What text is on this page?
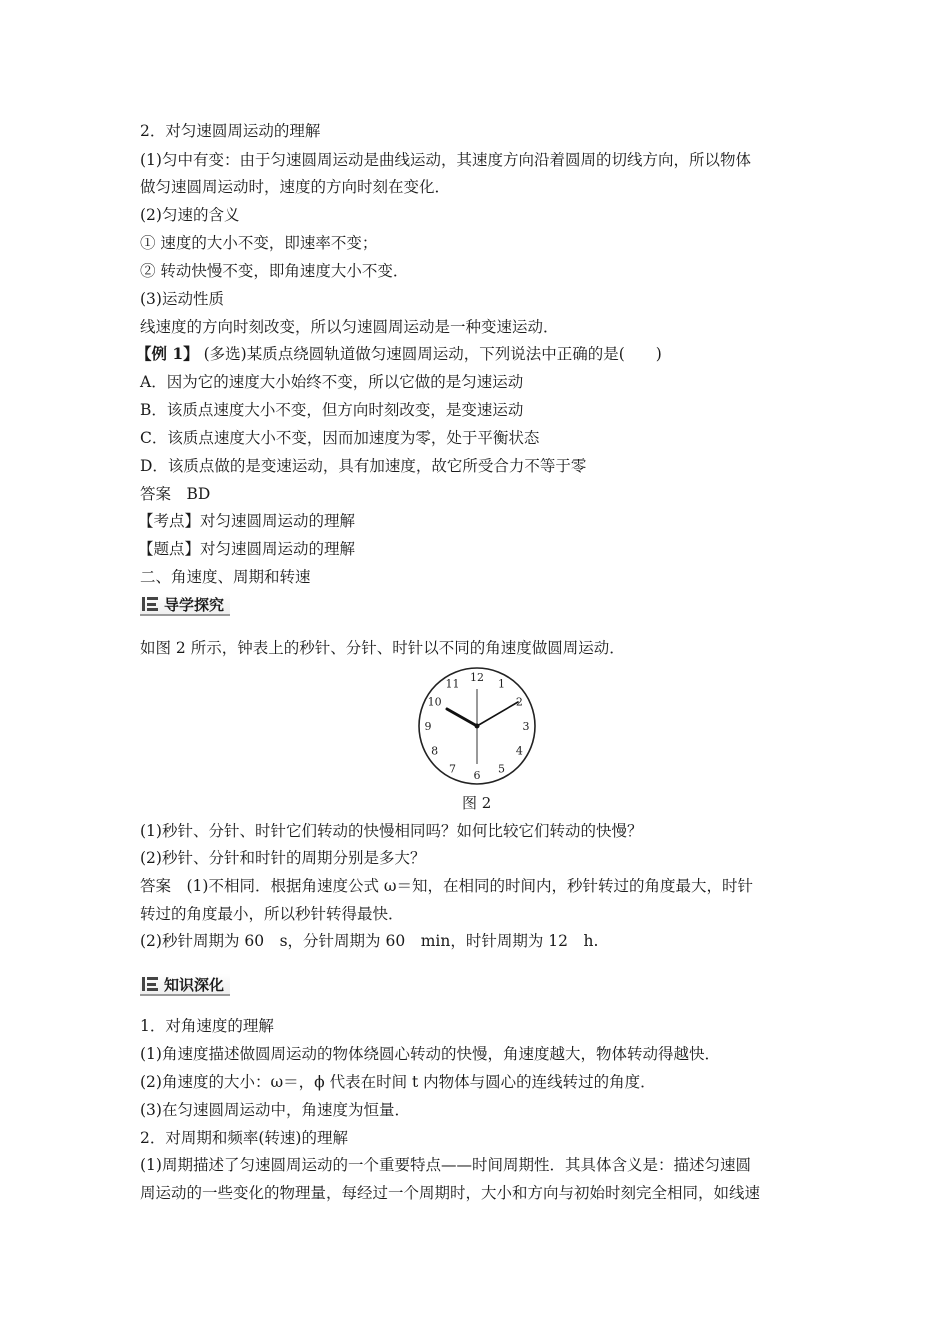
2．对匀速圆周运动的理解
(1)匀中有变：由于匀速圆周运动是曲线运动，其速度方向沿着圆周的切线方向，所以物体
做匀速圆周运动时，速度的方向时刻在变化．
(2)匀速的含义
① 速度的大小不变，即速率不变；
② 转动快慢不变，即角速度大小不变．
(3)运动性质
线速度的方向时刻改变，所以匀速圆周运动是一种变速运动．
【例 1】 (多选)某质点绕圆轨道做匀速圆周运动，下列说法中正确的是(　　)
A．因为它的速度大小始终不变，所以它做的是匀速运动
B．该质点速度大小不变，但方向时刻改变，是变速运动
C．该质点速度大小不变，因而加速度为零，处于平衡状态
D．该质点做的是变速运动，具有加速度，故它所受合力不等于零
答案　BD
【考点】对匀速圆周运动的理解
【题点】对匀速圆周运动的理解
二、角速度、周期和转速
导学探究
如图 2 所示，钟表上的秒针、分针、时针以不同的角速度做圆周运动．
12
1
2
3
4
5
6
7
8
9
10
11
图 2
(1)秒针、分针、时针它们转动的快慢相同吗？如何比较它们转动的快慢？
(2)秒针、分针和时针的周期分别是多大？
答案　(1)不相同．根据角速度公式 ω＝知，在相同的时间内，秒针转过的角度最大，时针
转过的角度最小，所以秒针转得最快．
(2)秒针周期为 60　s，分针周期为 60　min，时针周期为 12　h.
知识深化
1．对角速度的理解
(1)角速度描述做圆周运动的物体绕圆心转动的快慢，角速度越大，物体转动得越快．
(2)角速度的大小：ω＝，ϕ 代表在时间 t 内物体与圆心的连线转过的角度．
(3)在匀速圆周运动中，角速度为恒量．
2．对周期和频率(转速)的理解
(1)周期描述了匀速圆周运动的一个重要特点——时间周期性．其具体含义是：描述匀速圆
周运动的一些变化的物理量，每经过一个周期时，大小和方向与初始时刻完全相同，如线速
